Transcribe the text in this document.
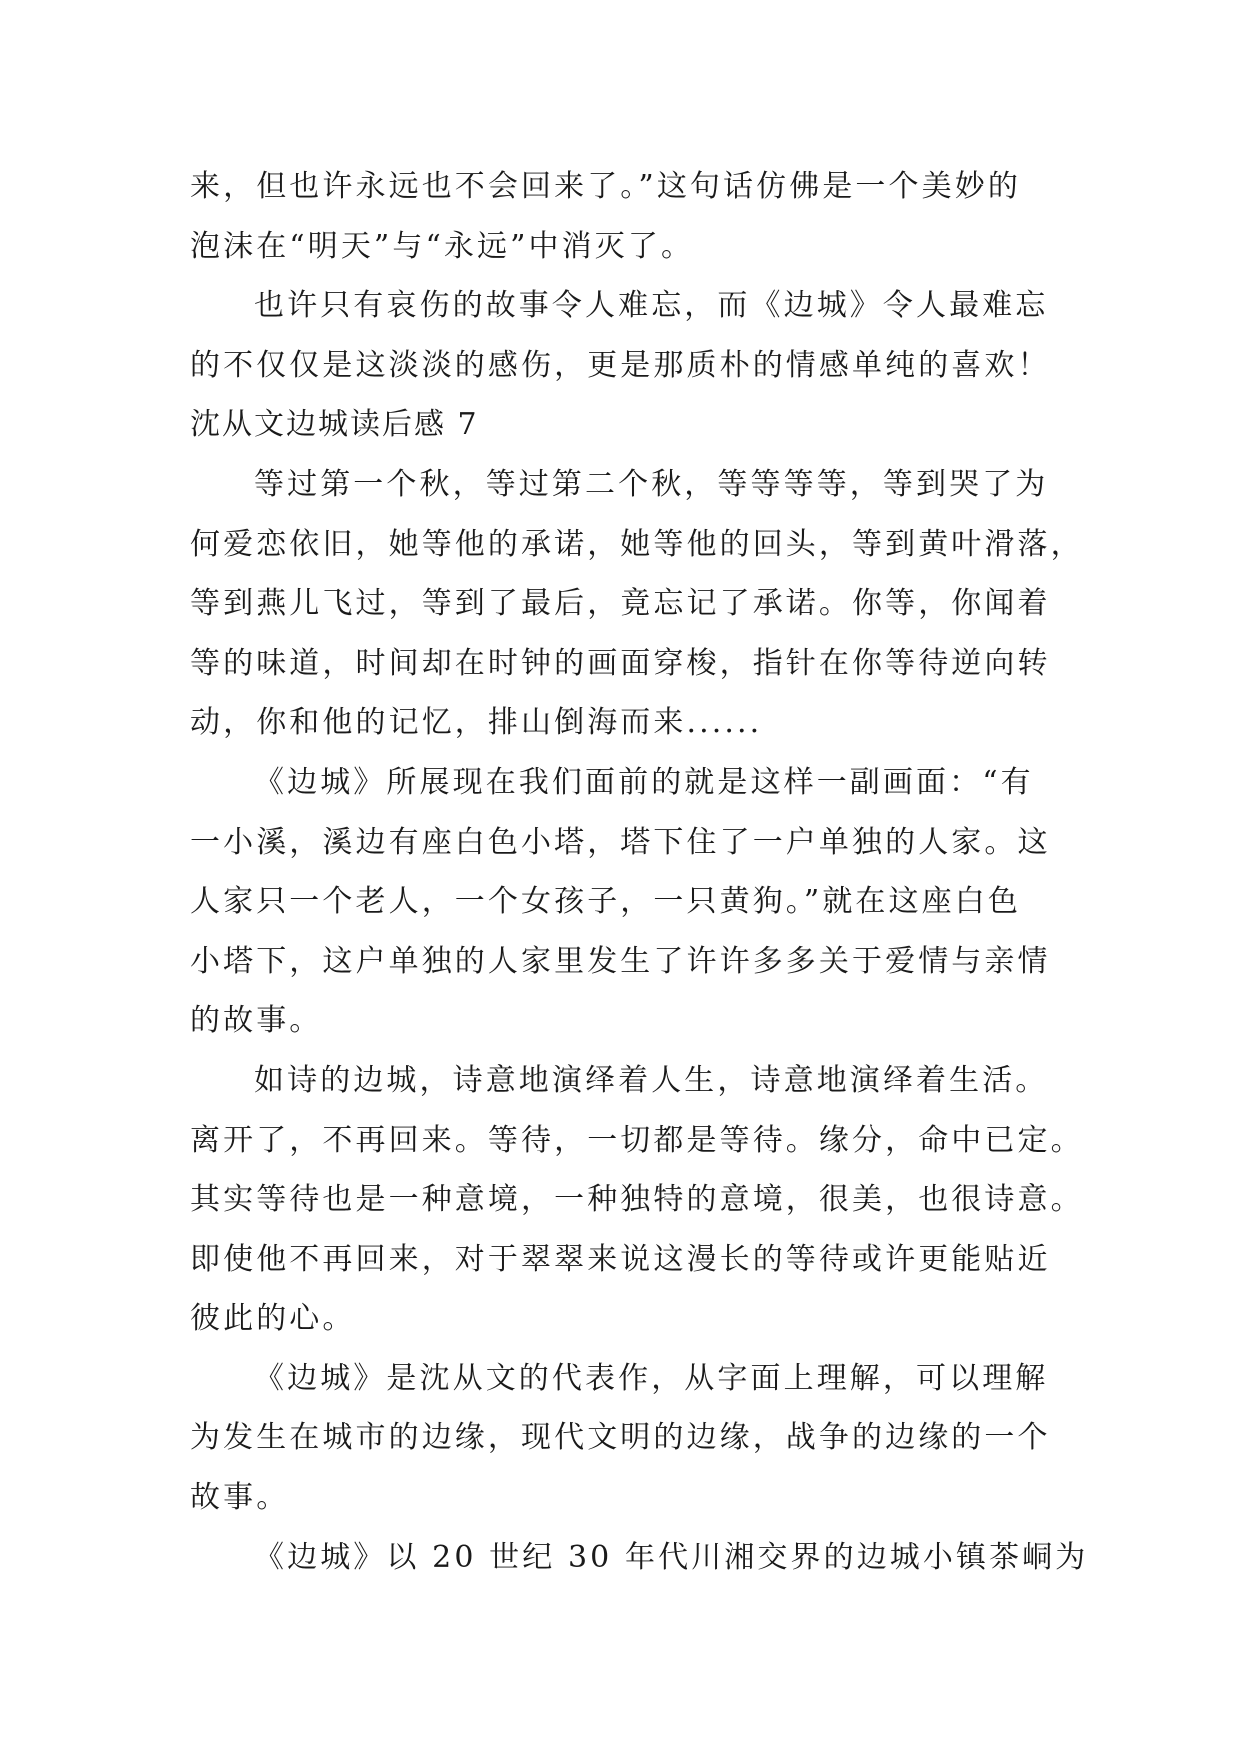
来，但也许永远也不会回来了。”这句话仿佛是一个美妙的
泡沫在“明天”与“永远”中消灭了。
也许只有哀伤的故事令人难忘，而《边城》令人最难忘
的不仅仅是这淡淡的感伤，更是那质朴的情感单纯的喜欢！
沈从文边城读后感 7
等过第一个秋，等过第二个秋，等等等等，等到哭了为
何爱恋依旧，她等他的承诺，她等他的回头，等到黄叶滑落，
等到燕儿飞过，等到了最后，竟忘记了承诺。你等，你闻着
等的味道，时间却在时钟的画面穿梭，指针在你等待逆向转
动，你和他的记忆，排山倒海而来......
《边城》所展现在我们面前的就是这样一副画面：“有
一小溪，溪边有座白色小塔，塔下住了一户单独的人家。这
人家只一个老人，一个女孩子，一只黄狗。”就在这座白色
小塔下，这户单独的人家里发生了许许多多关于爱情与亲情
的故事。
如诗的边城，诗意地演绎着人生，诗意地演绎着生活。
离开了，不再回来。等待，一切都是等待。缘分，命中已定。
其实等待也是一种意境，一种独特的意境，很美，也很诗意。
即使他不再回来，对于翠翠来说这漫长的等待或许更能贴近
彼此的心。
《边城》是沈从文的代表作，从字面上理解，可以理解
为发生在城市的边缘，现代文明的边缘，战争的边缘的一个
故事。
《边城》以 20 世纪 30 年代川湘交界的边城小镇茶峒为
